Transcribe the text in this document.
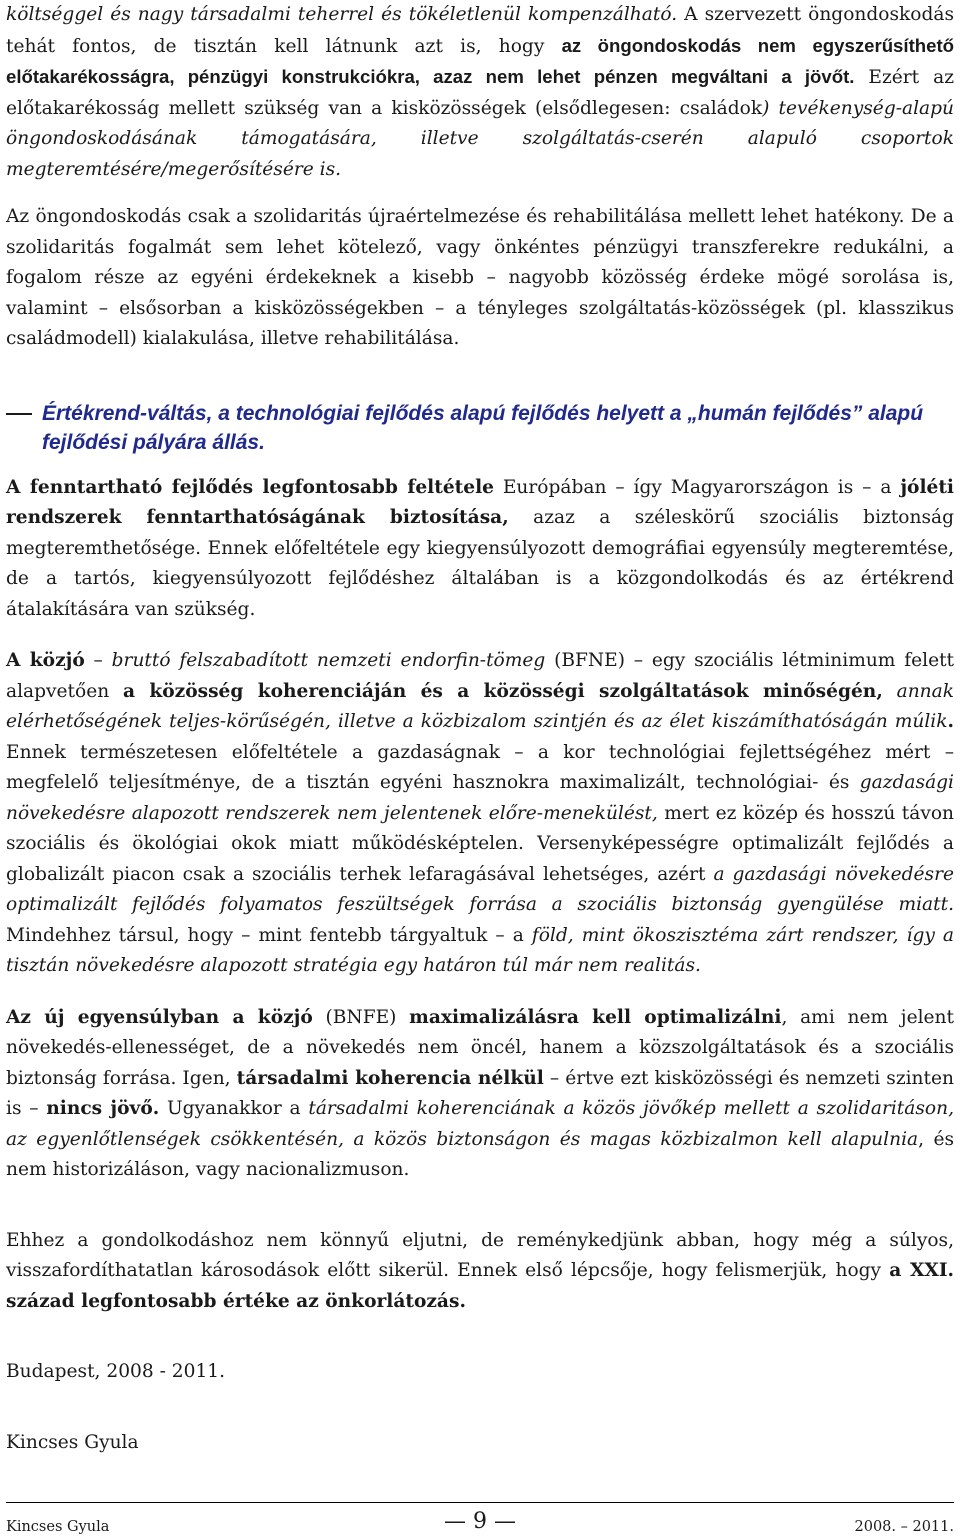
költséggel és nagy társadalmi teherrel és tökéletlenül kompenzálható. A szervezett öngondoskodás tehát fontos, de tisztán kell látnunk azt is, hogy az öngondoskodás nem egyszerűsíthető előtakarékosságra, pénzügyi konstrukciókra, azaz nem lehet pénzen megváltani a jövőt. Ezért az előtakarékosság mellett szükség van a kisközösségek (elsődlegesen: családok) tevékenység-alapú öngondoskodásának támogatására, illetve szolgáltatás-cserén alapuló csoportok megteremtésére/megerősítésére is.

Az öngondoskodás csak a szolidaritás újraértelmezése és rehabilitálása mellett lehet hatékony. De a szolidaritás fogalmát sem lehet kötelező, vagy önkéntes pénzügyi transzferekre redukálni, a fogalom része az egyéni érdekeknek a kisebb – nagyobb közösség érdeke mögé sorolása is, valamint – elsősorban a kisközösségekben – a tényleges szolgáltatás-közösségek (pl. klasszikus családmodell) kialakulása, illetve rehabilitálása.

Értékrend-váltás, a technológiai fejlődés alapú fejlődés helyett a „humán fejlődés” alapú fejlődési pályára állás.

A fenntartható fejlődés legfontosabb feltétele Európában – így Magyarországon is – a jóléti rendszerek fenntarthatóságának biztosítása, azaz a széleskörű szociális biztonság megteremthetősége. Ennek előfeltétele egy kiegyensúlyozott demográfiai egyensúly megteremtése, de a tartós, kiegyensúlyozott fejlődéshez általában is a közgondolkodás és az értékrend átalakítására van szükség.

A közjó – bruttó felszabadított nemzeti endorfin-tömeg (BFNE) – egy szociális létminimum felett alapvetően a közösség koherenciáján és a közösségi szolgáltatások minőségén, annak elérhetőségének teljes-körűségén, illetve a közbizalom szintjén és az élet kiszámíthatóságán múlik. Ennek természetesen előfeltétele a gazdaságnak – a kor technológiai fejlettségéhez mért – megfelelő teljesítménye, de a tisztán egyéni hasznokra maximalizált, technológiai- és gazdasági növekedésre alapozott rendszerek nem jelentenek előre-menekülést, mert ez közép és hosszú távon szociális és ökológiai okok miatt működésképtelen. Versenyképességre optimalizált fejlődés a globalizált piacon csak a szociális terhek lefaragásával lehetséges, azért a gazdasági növekedésre optimalizált fejlődés folyamatos feszültségek forrása a szociális biztonság gyengülése miatt. Mindehhez társul, hogy – mint fentebb tárgyaltuk – a föld, mint ökoszisztéma zárt rendszer, így a tisztán növekedésre alapozott stratégia egy határon túl már nem realitás.

Az új egyensúlyban a közjó (BNFE) maximalizálásra kell optimalizálni, ami nem jelent növekedés-ellenességet, de a növekedés nem öncél, hanem a közszolgáltatások és a szociális biztonság forrása. Igen, társadalmi koherencia nélkül – értve ezt kisközösségi és nemzeti szinten is – nincs jövő. Ugyanakkor a társadalmi koherenciának a közös jövőkép mellett a szolidaritáson, az egyenlőtlenségek csökkentésén, a közös biztonságon és magas közbizalmon kell alapulnia, és nem historizáláson, vagy nacionalizmuson.

Ehhez a gondolkodáshoz nem könnyű eljutni, de reménykedjünk abban, hogy még a súlyos, visszafordíthatatlan károsodások előtt sikerül. Ennek első lépcsője, hogy felismerjük, hogy a XXI. század legfontosabb értéke az önkorlátozás.

Budapest, 2008 - 2011.

Kincses Gyula

Kincses Gyula	— 9 —	2008. – 2011.
